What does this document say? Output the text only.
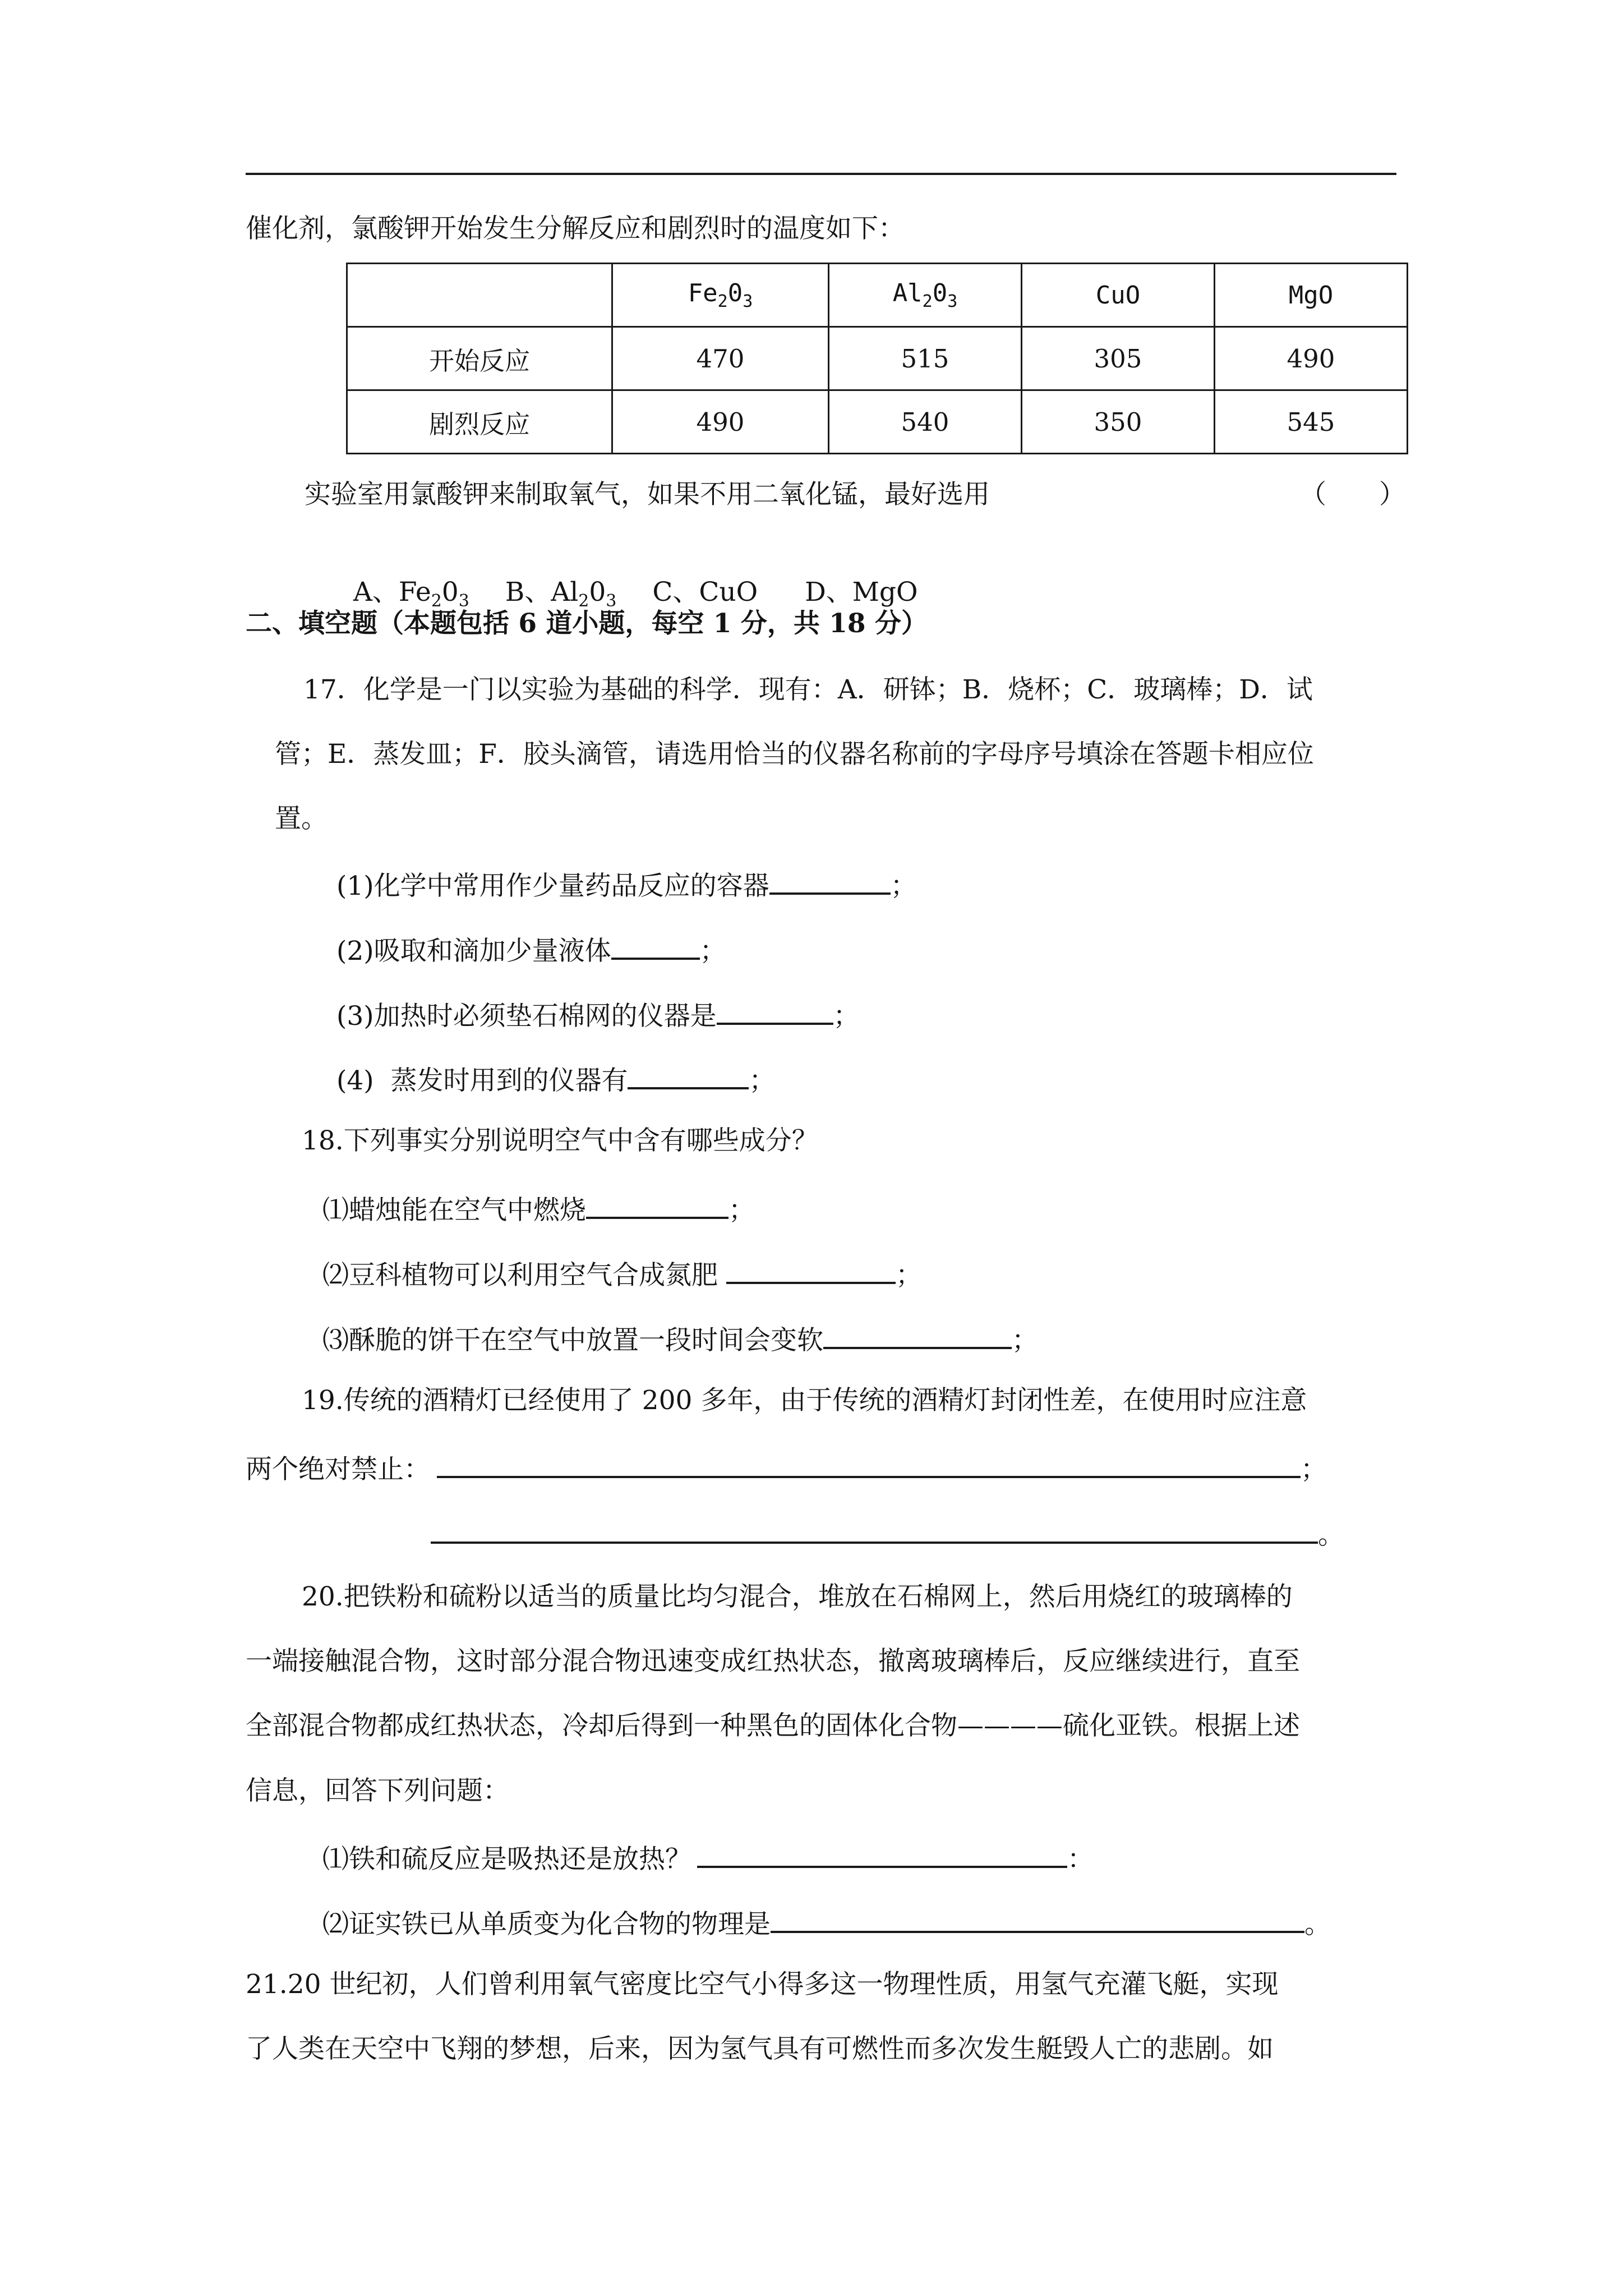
催化剂，氯酸钾开始发生分解反应和剧烈时的温度如下：
	$Fe_20_3$	$Al_20_3$	CuO	MgO
开始反应	470	515	305	490
剧烈反应	490	540	350	545
实验室用氯酸钾来制取氧气，如果不用二氧化锰，最好选用	（　　）

A、$Fe_20_3$ B、$Al_20_3$ C、CuO D、MgO

二、填空题（本题包括 6 道小题，每空 1 分，共 18 分）
17．化学是一门以实验为基础的科学．现有：A．研钵；B．烧杯；C．玻璃棒；D．试
管；E．蒸发皿；F．胶头滴管，请选用恰当的仪器名称前的字母序号填涂在答题卡相应位
置。
(1)化学中常用作少量药品反应的容器	；
(2)吸取和滴加少量液体	；
(3)加热时必须垫石棉网的仪器是	；
(4)  蒸发时用到的仪器有	；
18.下列事实分别说明空气中含有哪些成分？
⑴蜡烛能在空气中燃烧	；
⑵豆科植物可以利用空气合成氮肥	；
⑶酥脆的饼干在空气中放置一段时间会变软	；
19.传统的酒精灯已经使用了 200 多年，由于传统的酒精灯封闭性差，在使用时应注意
两个绝对禁止：	；
。
20.把铁粉和硫粉以适当的质量比均匀混合，堆放在石棉网上，然后用烧红的玻璃棒的
一端接触混合物，这时部分混合物迅速变成红热状态，撤离玻璃棒后，反应继续进行，直至
全部混合物都成红热状态，冷却后得到一种黑色的固体化合物————硫化亚铁。根据上述
信息，回答下列问题：
⑴铁和硫反应是吸热还是放热？	：
⑵证实铁已从单质变为化合物的物理是	。
21.20 世纪初，人们曾利用氧气密度比空气小得多这一物理性质，用氢气充灌飞艇，实现
了人类在天空中飞翔的梦想，后来，因为氢气具有可燃性而多次发生艇毁人亡的悲剧。如
